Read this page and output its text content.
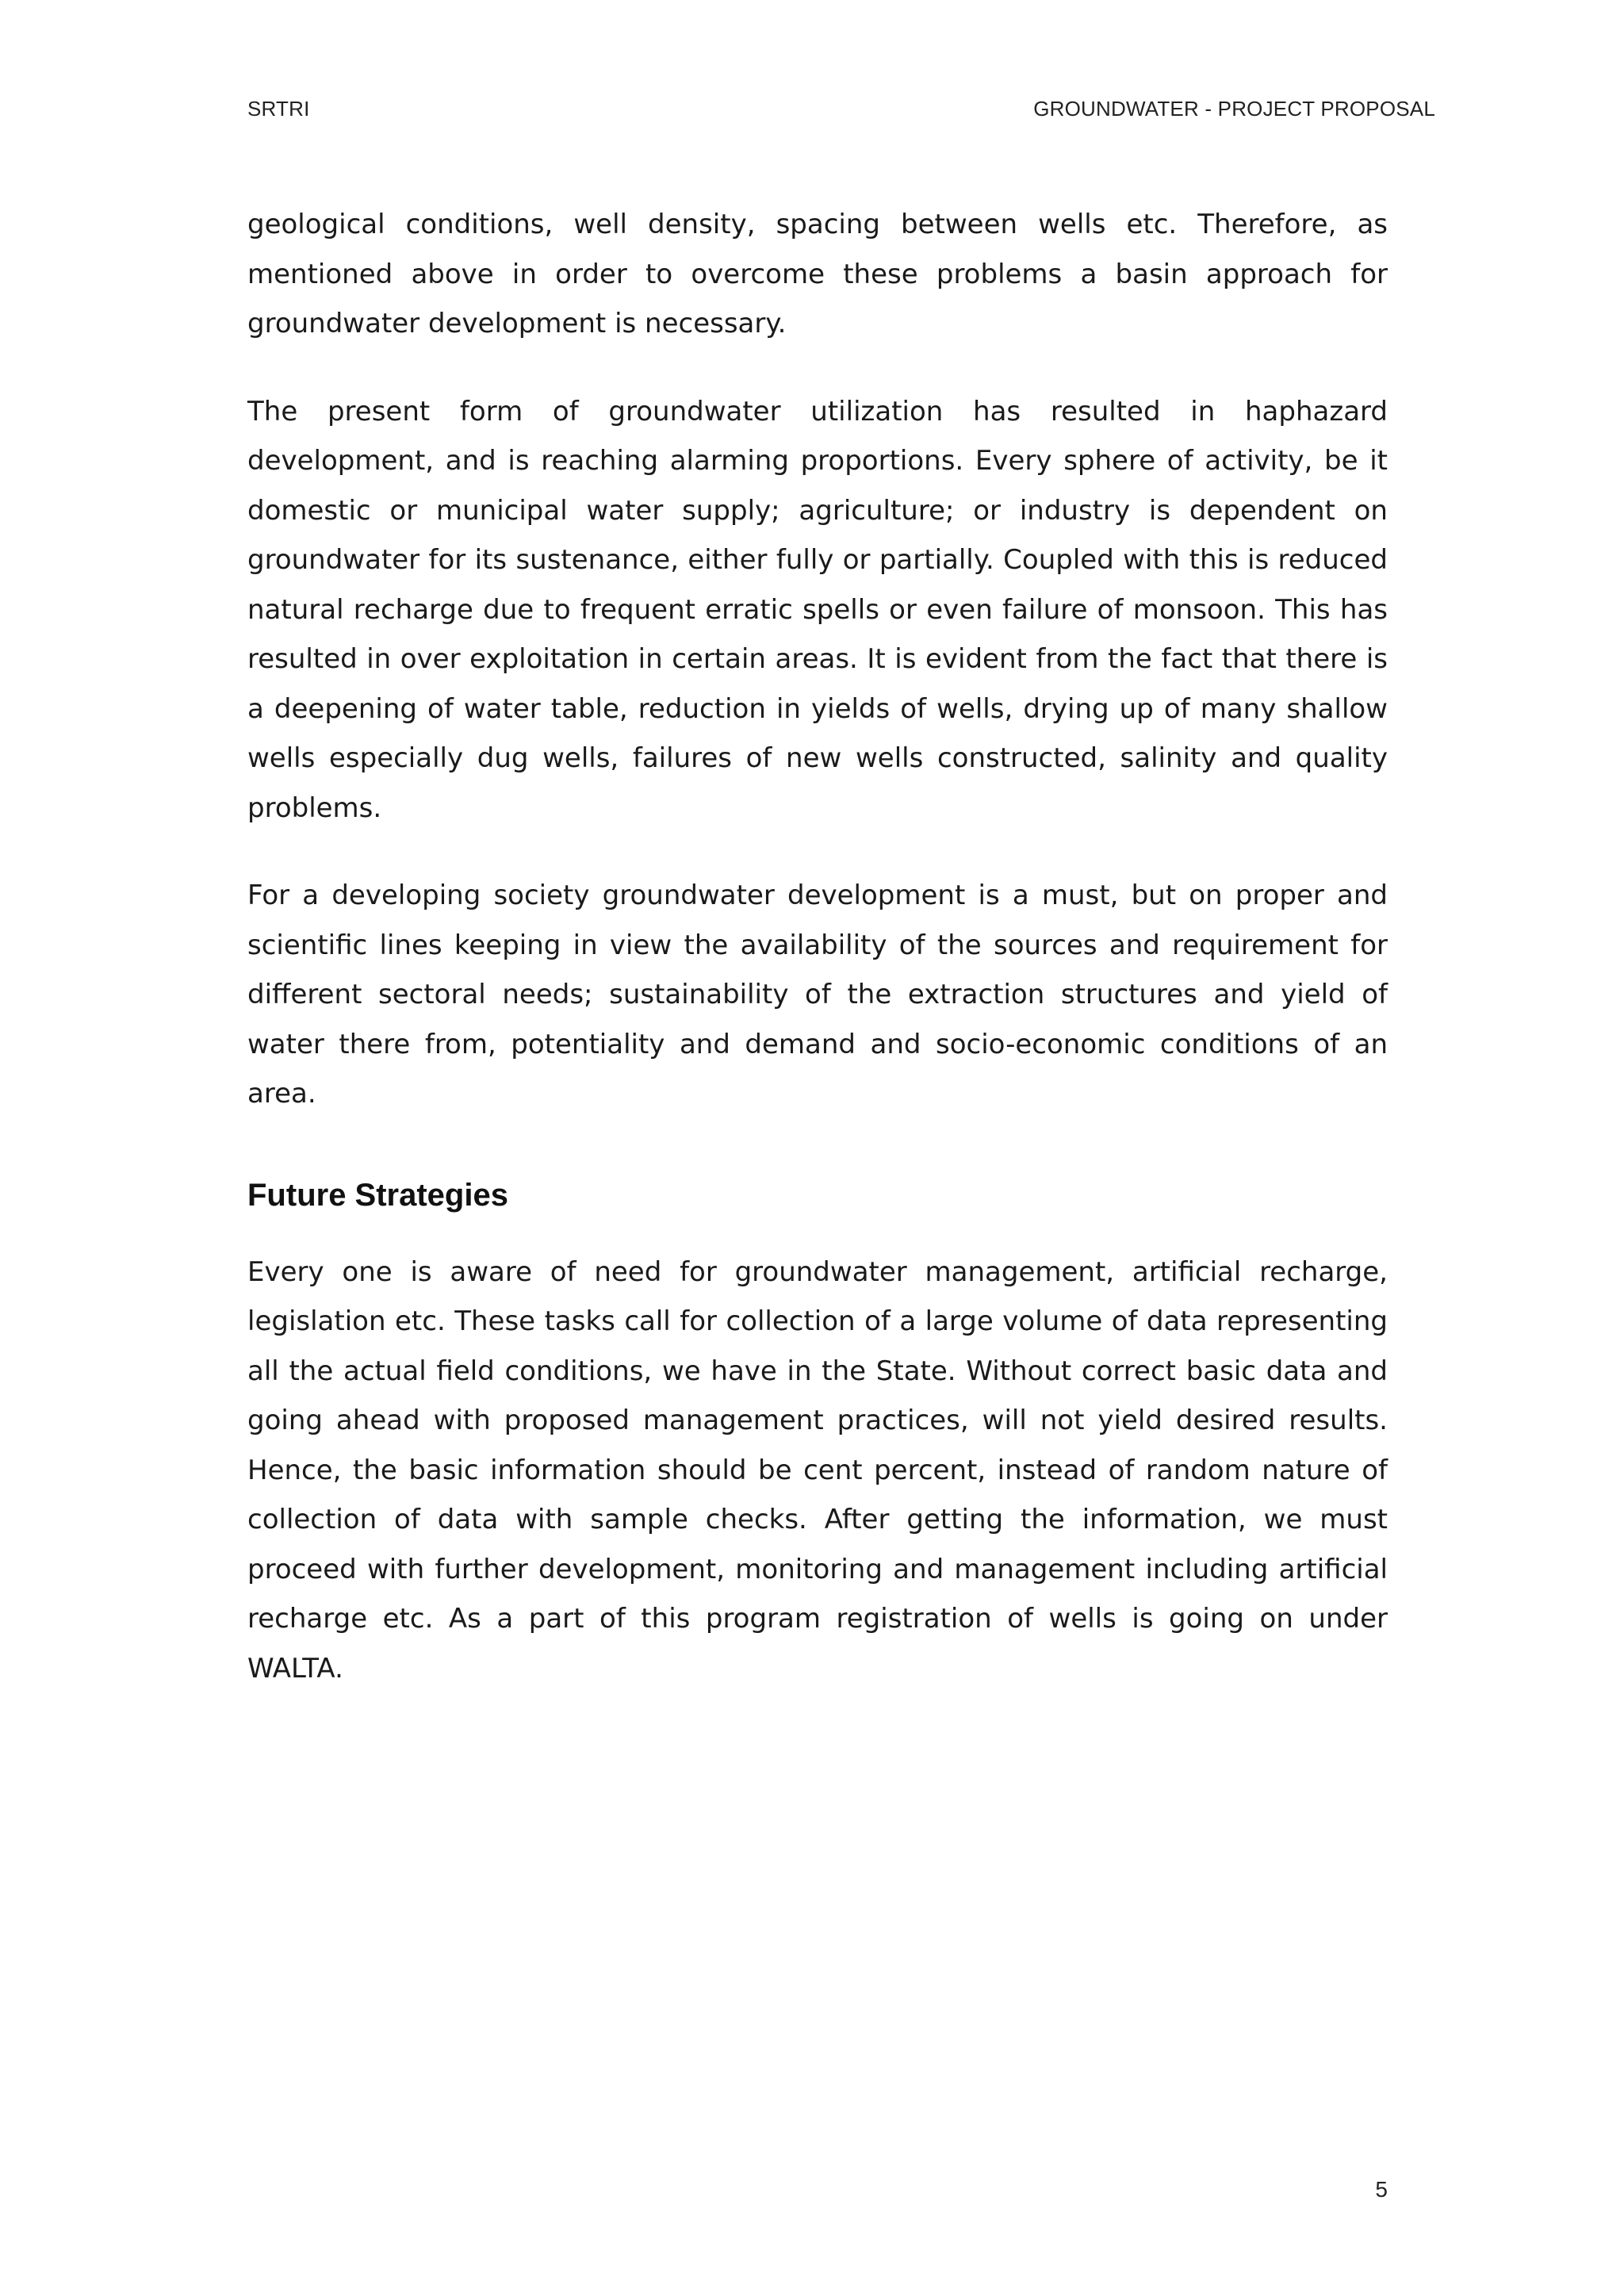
SRTRI	GROUNDWATER - PROJECT PROPOSAL

geological conditions, well density, spacing between wells etc. Therefore, as mentioned above in order to overcome these problems a basin approach for groundwater development is necessary.

The present form of groundwater utilization has resulted in haphazard development, and is reaching alarming proportions. Every sphere of activity, be it domestic or municipal water supply; agriculture; or industry is dependent on groundwater for its sustenance, either fully or partially. Coupled with this is reduced natural recharge due to frequent erratic spells or even failure of monsoon. This has resulted in over exploitation in certain areas. It is evident from the fact that there is a deepening of water table, reduction in yields of wells, drying up of many shallow wells especially dug wells, failures of new wells constructed, salinity and quality problems.

For a developing society groundwater development is a must, but on proper and scientific lines keeping in view the availability of the sources and requirement for different sectoral needs; sustainability of the extraction structures and yield of water there from, potentiality and demand and socio-economic conditions of an area.

Future Strategies

Every one is aware of need for groundwater management, artificial recharge, legislation etc. These tasks call for collection of a large volume of data representing all the actual field conditions, we have in the State. Without correct basic data and going ahead with proposed management practices, will not yield desired results. Hence, the basic information should be cent percent, instead of random nature of collection of data with sample checks. After getting the information, we must proceed with further development, monitoring and management including artificial recharge etc. As a part of this program registration of wells is going on under WALTA.

5
